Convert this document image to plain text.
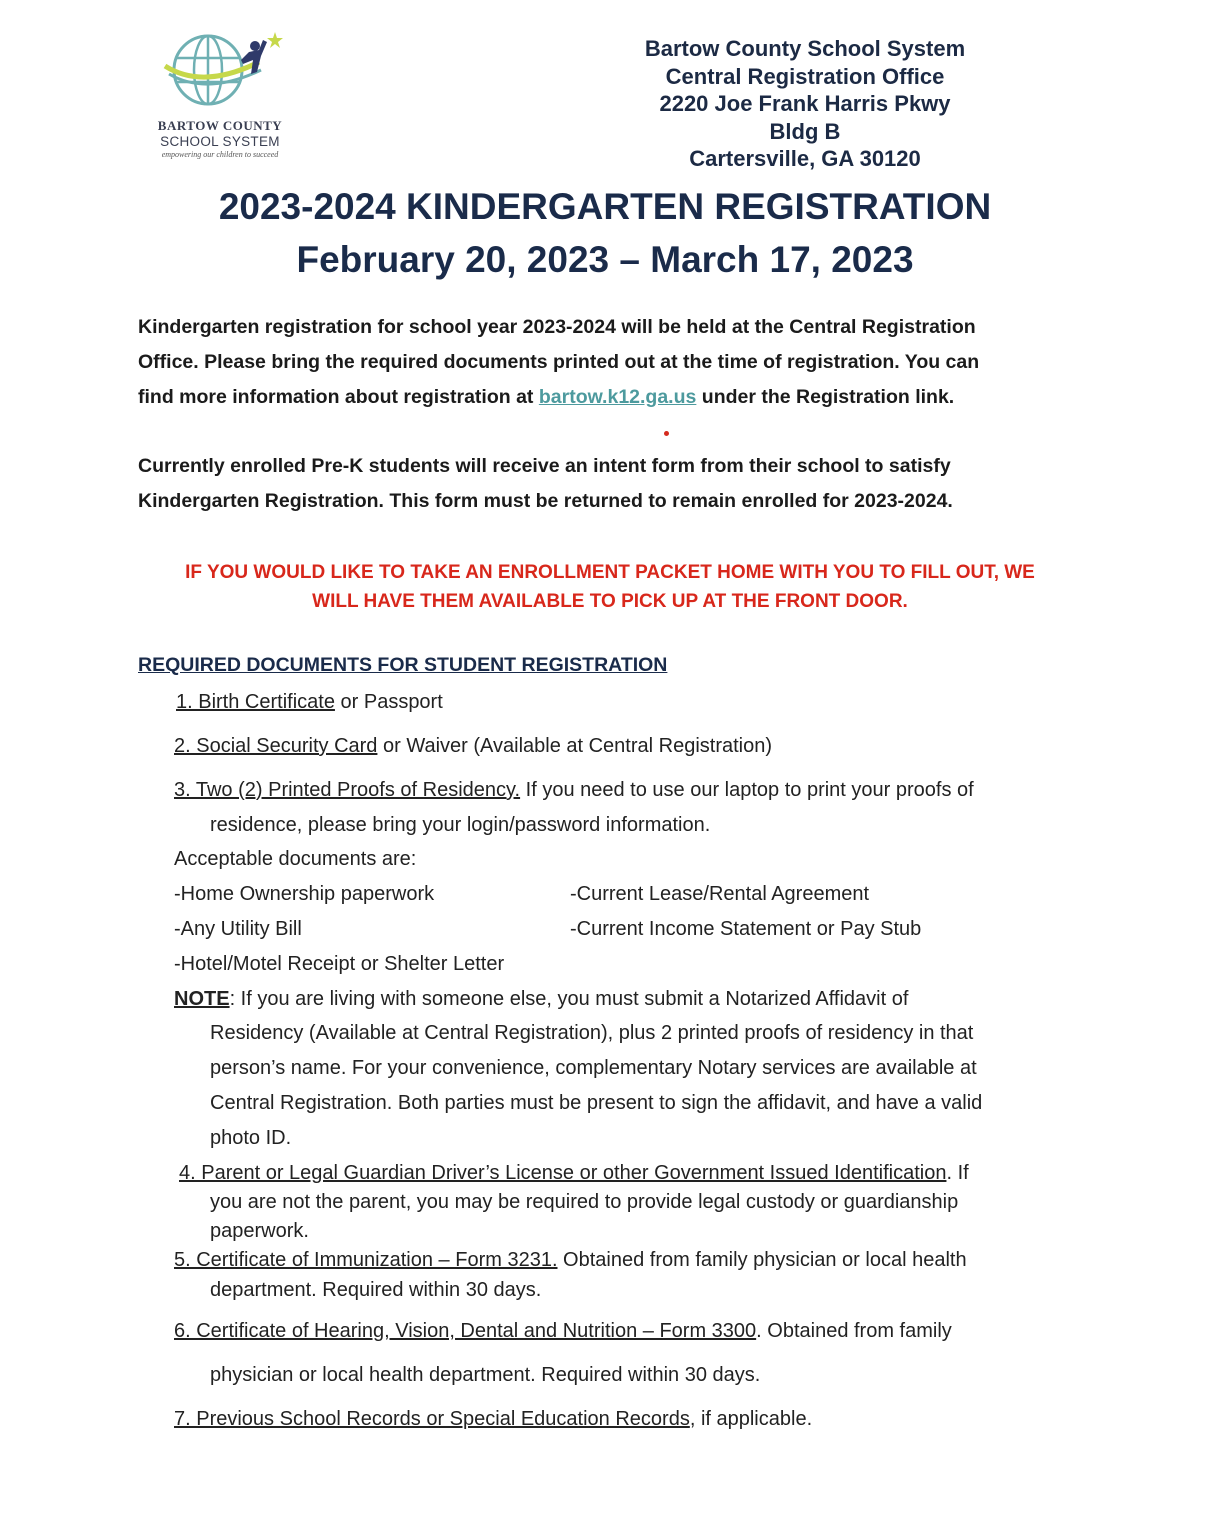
BARTOW COUNTY
SCHOOL SYSTEM
empowering our children to succeed
Bartow County School System
Central Registration Office
2220 Joe Frank Harris Pkwy
Bldg B
Cartersville, GA 30120
2023-2024 KINDERGARTEN REGISTRATION
February 20, 2023 – March 17, 2023
Kindergarten registration for school year 2023-2024 will be held at the Central Registration
Office. Please bring the required documents printed out at the time of registration. You can
find more information about registration at bartow.k12.ga.us under the Registration link.
Currently enrolled Pre-K students will receive an intent form from their school to satisfy
Kindergarten Registration. This form must be returned to remain enrolled for 2023-2024.
IF YOU WOULD LIKE TO TAKE AN ENROLLMENT PACKET HOME WITH YOU TO FILL OUT, WE
WILL HAVE THEM AVAILABLE TO PICK UP AT THE FRONT DOOR.
REQUIRED DOCUMENTS FOR STUDENT REGISTRATION
1. Birth Certificate or Passport
2. Social Security Card or Waiver (Available at Central Registration)
3. Two (2) Printed Proofs of Residency. If you need to use our laptop to print your proofs of
residence, please bring your login/password information.
Acceptable documents are:
-Home Ownership paperwork	-Current Lease/Rental Agreement
-Any Utility Bill	-Current Income Statement or Pay Stub
-Hotel/Motel Receipt or Shelter Letter
NOTE: If you are living with someone else, you must submit a Notarized Affidavit of
Residency (Available at Central Registration), plus 2 printed proofs of residency in that
person’s name. For your convenience, complementary Notary services are available at
Central Registration. Both parties must be present to sign the affidavit, and have a valid
photo ID.
4. Parent or Legal Guardian Driver’s License or other Government Issued Identification. If
you are not the parent, you may be required to provide legal custody or guardianship
paperwork.
5. Certificate of Immunization – Form 3231. Obtained from family physician or local health
department. Required within 30 days.
6. Certificate of Hearing, Vision, Dental and Nutrition – Form 3300. Obtained from family
physician or local health department. Required within 30 days.
7. Previous School Records or Special Education Records, if applicable.
